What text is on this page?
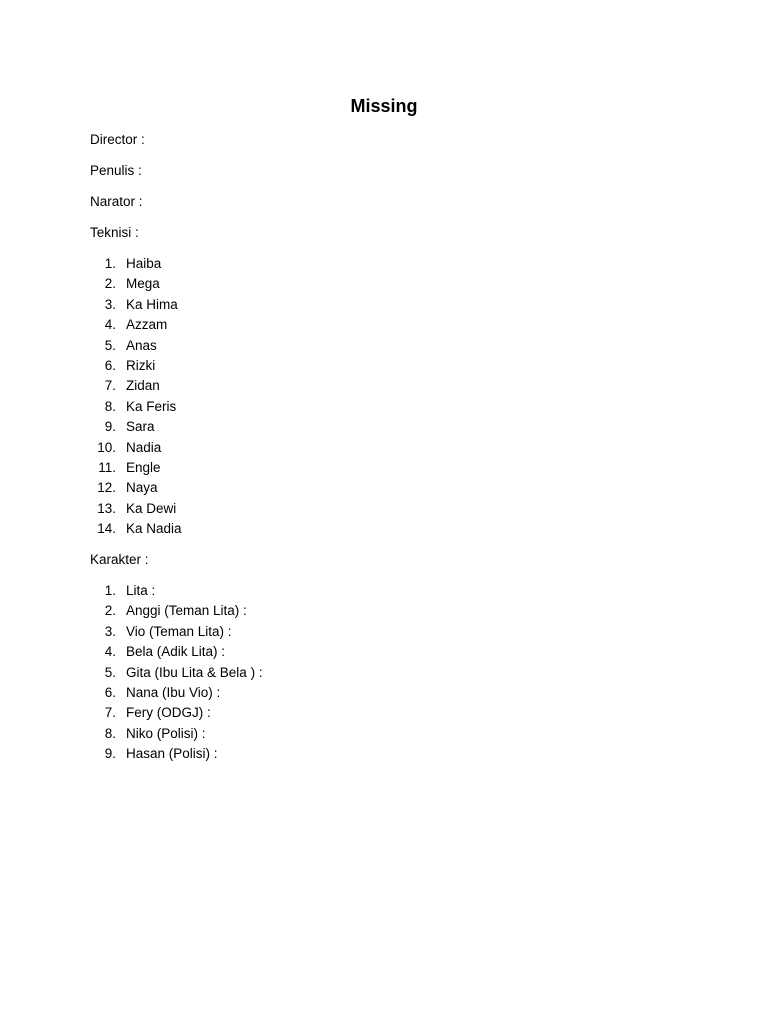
Missing

Director :

Penulis :

Narator :

Teknisi :

1. Haiba
2. Mega
3. Ka Hima
4. Azzam
5. Anas
6. Rizki
7. Zidan
8. Ka Feris
9. Sara
10. Nadia
11. Engle
12. Naya
13. Ka Dewi
14. Ka Nadia

Karakter :

1. Lita :
2. Anggi (Teman Lita) :
3. Vio (Teman Lita) :
4. Bela (Adik Lita) :
5. Gita (Ibu Lita & Bela ) :
6. Nana (Ibu Vio) :
7. Fery (ODGJ) :
8. Niko (Polisi) :
9. Hasan (Polisi) :
